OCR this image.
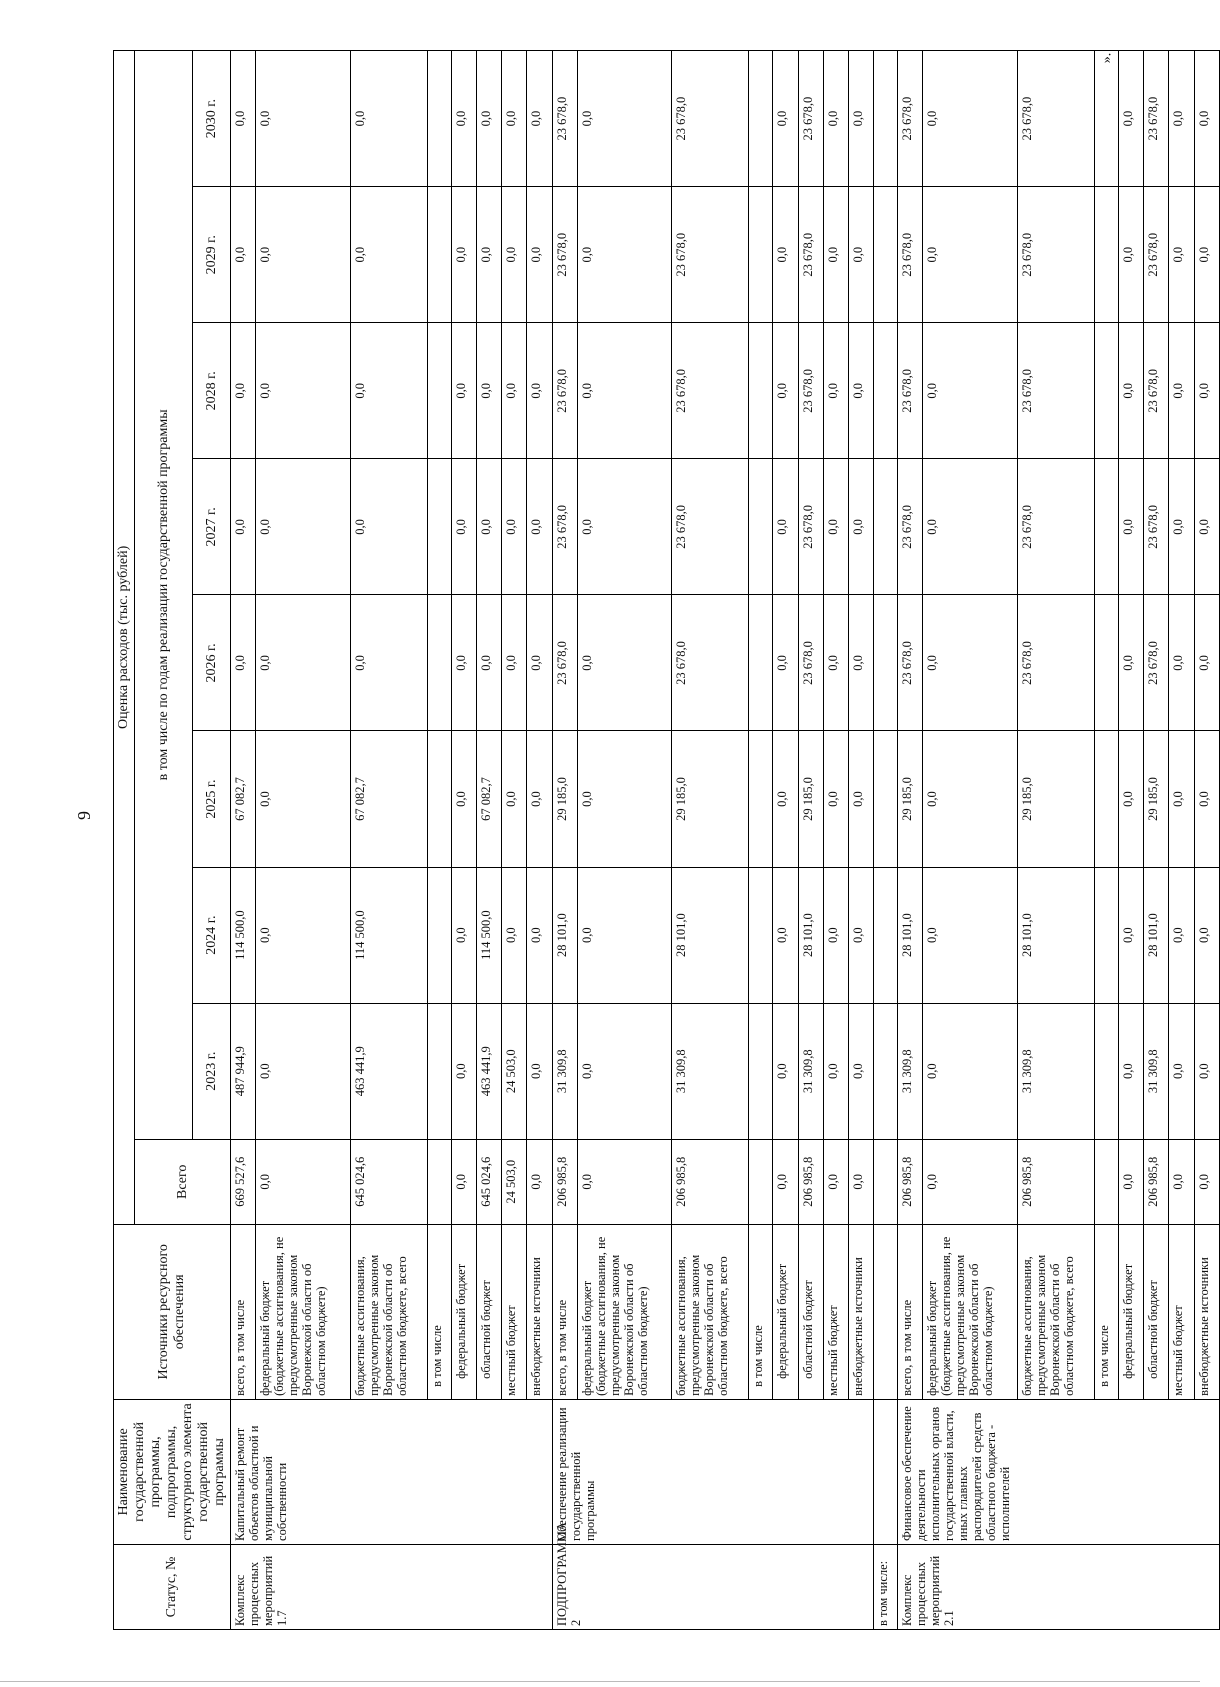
9
».
Статус, №	Наименование государственной программы, подпрограммы, структурного элемента государственной программы	Источники ресурсного обеспечения	Оценка расходов (тыс. рублей)								
			Всего	в том числе по годам реализации государственной программы							
				2023 г.	2024 г.	2025 г.	2026 г.	2027 г.	2028 г.	2029 г.	2030 г.
Комплекс процессных мероприятий 1.7	Капитальный ремонт объектов областной и муниципальной собственности	всего, в том числе	669 527,6	487 944,9	114 500,0	67 082,7	0,0	0,0	0,0	0,0	0,0
		федеральный бюджет (бюджетные ассигнования, не предусмотренные законом Воронежской области об областном бюджете)	0,0	0,0	0,0	0,0	0,0	0,0	0,0	0,0	0,0
		бюджетные ассигнования, предусмотренные законом Воронежской области об областном бюджете, всего	645 024,6	463 441,9	114 500,0	67 082,7	0,0	0,0	0,0	0,0	0,0
		в том числе									
		федеральный бюджет	0,0	0,0	0,0	0,0	0,0	0,0	0,0	0,0	0,0
		областной бюджет	645 024,6	463 441,9	114 500,0	67 082,7	0,0	0,0	0,0	0,0	0,0
		местный бюджет	24 503,0	24 503,0	0,0	0,0	0,0	0,0	0,0	0,0	0,0
		внебюджетные источники	0,0	0,0	0,0	0,0	0,0	0,0	0,0	0,0	0,0
ПОДПРОГРАММА 2	Обеспечение реализации государственной программы	всего, в том числе	206 985,8	31 309,8	28 101,0	29 185,0	23 678,0	23 678,0	23 678,0	23 678,0	23 678,0
		федеральный бюджет (бюджетные ассигнования, не предусмотренные законом Воронежской области об областном бюджете)	0,0	0,0	0,0	0,0	0,0	0,0	0,0	0,0	0,0
		бюджетные ассигнования, предусмотренные законом Воронежской области об областном бюджете, всего	206 985,8	31 309,8	28 101,0	29 185,0	23 678,0	23 678,0	23 678,0	23 678,0	23 678,0
		в том числе									
		федеральный бюджет	0,0	0,0	0,0	0,0	0,0	0,0	0,0	0,0	0,0
		областной бюджет	206 985,8	31 309,8	28 101,0	29 185,0	23 678,0	23 678,0	23 678,0	23 678,0	23 678,0
		местный бюджет	0,0	0,0	0,0	0,0	0,0	0,0	0,0	0,0	0,0
		внебюджетные источники	0,0	0,0	0,0	0,0	0,0	0,0	0,0	0,0	0,0
в том числе:											
Комплекс процессных мероприятий 2.1	Финансовое обеспечение деятельности исполнительных органов государственной власти, иных главных распорядителей средств областного бюджета - исполнителей	всего, в том числе	206 985,8	31 309,8	28 101,0	29 185,0	23 678,0	23 678,0	23 678,0	23 678,0	23 678,0
		федеральный бюджет (бюджетные ассигнования, не предусмотренные законом Воронежской области об областном бюджете)	0,0	0,0	0,0	0,0	0,0	0,0	0,0	0,0	0,0
		бюджетные ассигнования, предусмотренные законом Воронежской области об областном бюджете, всего	206 985,8	31 309,8	28 101,0	29 185,0	23 678,0	23 678,0	23 678,0	23 678,0	23 678,0
		в том числе									
		федеральный бюджет	0,0	0,0	0,0	0,0	0,0	0,0	0,0	0,0	0,0
		областной бюджет	206 985,8	31 309,8	28 101,0	29 185,0	23 678,0	23 678,0	23 678,0	23 678,0	23 678,0
		местный бюджет	0,0	0,0	0,0	0,0	0,0	0,0	0,0	0,0	0,0
		внебюджетные источники	0,0	0,0	0,0	0,0	0,0	0,0	0,0	0,0	0,0
